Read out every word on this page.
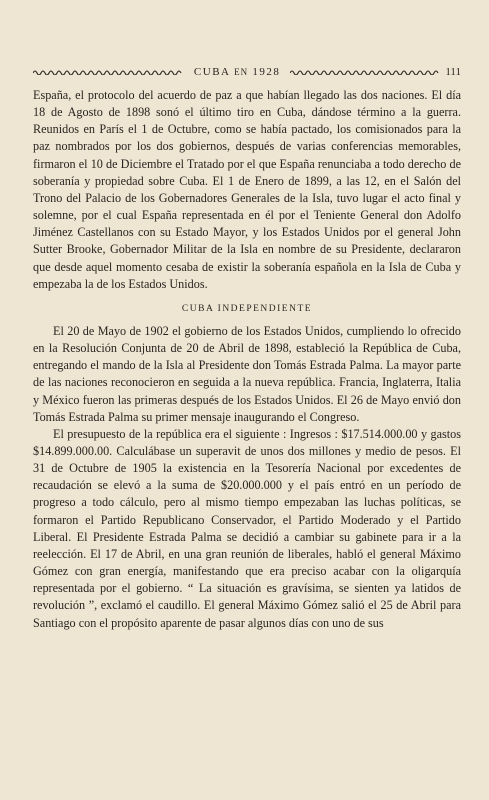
CUBA EN 1928	111

España, el protocolo del acuerdo de paz a que habían llegado las dos naciones. El día 18 de Agosto de 1898 sonó el último tiro en Cuba, dándose término a la guerra. Reunidos en París el 1 de Octubre, como se había pactado, los comisionados para la paz nombrados por los dos gobiernos, después de varias conferencias memorables, firmaron el 10 de Diciembre el Tratado por el que España renunciaba a todo derecho de soberanía y propiedad sobre Cuba. El 1 de Enero de 1899, a las 12, en el Salón del Trono del Palacio de los Gobernadores Generales de la Isla, tuvo lugar el acto final y solemne, por el cual España representada en él por el Teniente General don Adolfo Jiménez Castellanos con su Estado Mayor, y los Estados Unidos por el general John Sutter Brooke, Gobernador Militar de la Isla en nombre de su Presidente, declararon que desde aquel momento cesaba de existir la soberanía española en la Isla de Cuba y empezaba la de los Estados Unidos.

CUBA INDEPENDIENTE

El 20 de Mayo de 1902 el gobierno de los Estados Unidos, cumpliendo lo ofrecido en la Resolución Conjunta de 20 de Abril de 1898, estableció la República de Cuba, entregando el mando de la Isla al Presidente don Tomás Estrada Palma. La mayor parte de las naciones reconocieron en seguida a la nueva república. Francia, Inglaterra, Italia y México fueron las primeras después de los Estados Unidos. El 26 de Mayo envió don Tomás Estrada Palma su primer mensaje inaugurando el Congreso.

El presupuesto de la república era el siguiente : Ingresos : $17.514.000.00 y gastos $14.899.000.00. Calculábase un superavit de unos dos millones y medio de pesos. El 31 de Octubre de 1905 la existencia en la Tesorería Nacional por excedentes de recaudación se elevó a la suma de $20.000.000 y el país entró en un período de progreso a todo cálculo, pero al mismo tiempo empezaban las luchas políticas, se formaron el Partido Republicano Conservador, el Partido Moderado y el Partido Liberal. El Presidente Estrada Palma se decidió a cambiar su gabinete para ir a la reelección. El 17 de Abril, en una gran reunión de liberales, habló el general Máximo Gómez con gran energía, manifestando que era preciso acabar con la oligarquía representada por el gobierno. “ La situación es gravísima, se sienten ya latidos de revolución ”, exclamó el caudillo. El general Máximo Gómez salió el 25 de Abril para Santiago con el propósito aparente de pasar algunos días con uno de sus
